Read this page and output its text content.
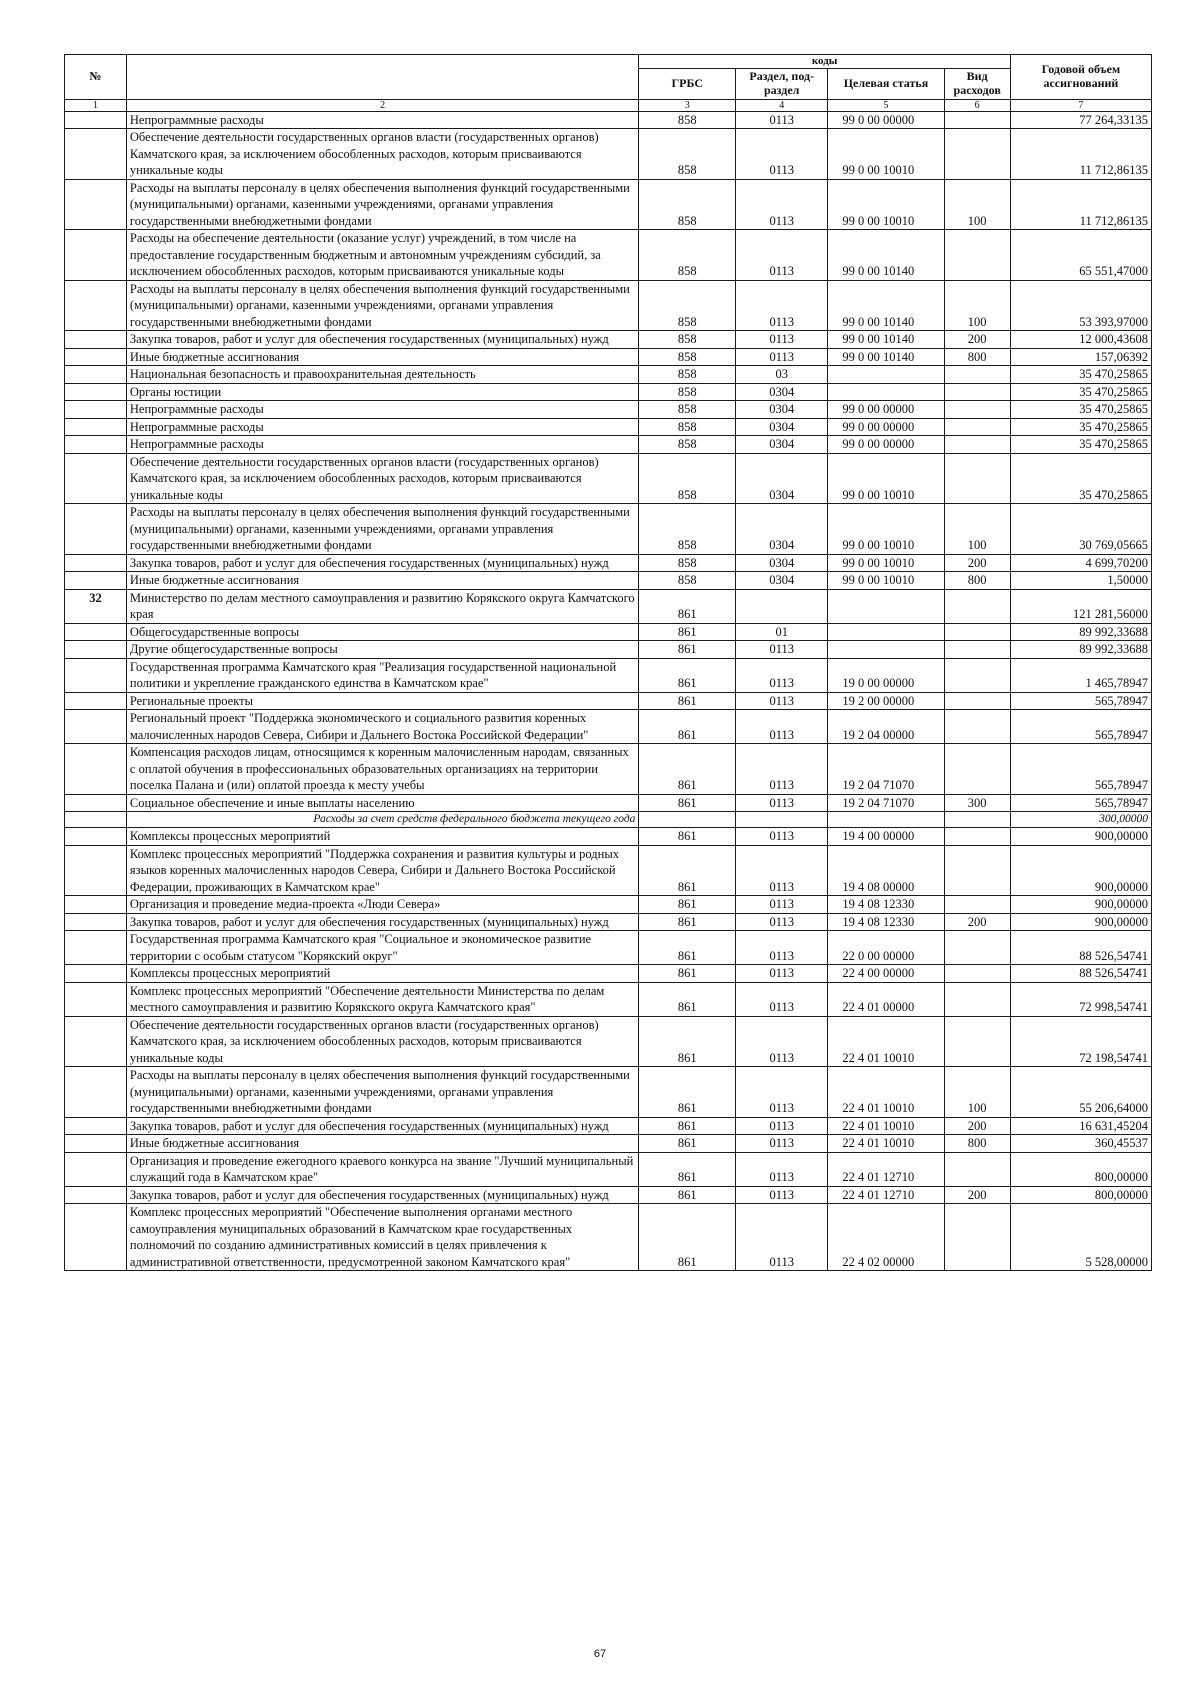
№		коды				Годовой объем ассигнований
		ГРБС	Раздел, под-раздел	Целевая статья	Вид расходов	
1	2	3	4	5	6	7
	Непрограммные расходы	858	0113	99 0 00 00000		77 264,33135
	Обеспечение деятельности государственных органов власти (государственных органов) Камчатского края, за исключением обособленных расходов, которым присваиваются уникальные коды	858	0113	99 0 00 10010		11 712,86135
	Расходы на выплаты персоналу в целях обеспечения выполнения функций государственными (муниципальными) органами, казенными учреждениями, органами управления государственными внебюджетными фондами	858	0113	99 0 00 10010	100	11 712,86135
	Расходы на обеспечение деятельности (оказание услуг) учреждений, в том числе на предоставление государственным бюджетным и автономным учреждениям субсидий, за исключением обособленных расходов, которым присваиваются уникальные коды	858	0113	99 0 00 10140		65 551,47000
	Расходы на выплаты персоналу в целях обеспечения выполнения функций государственными (муниципальными) органами, казенными учреждениями, органами управления государственными внебюджетными фондами	858	0113	99 0 00 10140	100	53 393,97000
	Закупка товаров, работ и услуг для обеспечения государственных (муниципальных) нужд	858	0113	99 0 00 10140	200	12 000,43608
	Иные бюджетные ассигнования	858	0113	99 0 00 10140	800	157,06392
	Национальная безопасность и правоохранительная деятельность	858	03			35 470,25865
	Органы юстиции	858	0304			35 470,25865
	Непрограммные расходы	858	0304	99 0 00 00000		35 470,25865
	Непрограммные расходы	858	0304	99 0 00 00000		35 470,25865
	Непрограммные расходы	858	0304	99 0 00 00000		35 470,25865
	Обеспечение деятельности государственных органов власти (государственных органов) Камчатского края, за исключением обособленных расходов, которым присваиваются уникальные коды	858	0304	99 0 00 10010		35 470,25865
	Расходы на выплаты персоналу в целях обеспечения выполнения функций государственными (муниципальными) органами, казенными учреждениями, органами управления государственными внебюджетными фондами	858	0304	99 0 00 10010	100	30 769,05665
	Закупка товаров, работ и услуг для обеспечения государственных (муниципальных) нужд	858	0304	99 0 00 10010	200	4 699,70200
	Иные бюджетные ассигнования	858	0304	99 0 00 10010	800	1,50000
32	Министерство по делам местного самоуправления и развитию Корякского округа Камчатского края	861				121 281,56000
	Общегосударственные вопросы	861	01			89 992,33688
	Другие общегосударственные вопросы	861	0113			89 992,33688
	Государственная программа Камчатского края "Реализация государственной национальной политики и укрепление гражданского единства в Камчатском крае"	861	0113	19 0 00 00000		1 465,78947
	Региональные проекты	861	0113	19 2 00 00000		565,78947
	Региональный проект "Поддержка экономического и социального развития коренных малочисленных народов Севера, Сибири и Дальнего Востока Российской Федерации"	861	0113	19 2 04 00000		565,78947
	Компенсация расходов лицам, относящимся к коренным малочисленным народам, связанных с оплатой обучения в профессиональных образовательных организациях на территории поселка Палана и (или) оплатой проезда к месту учебы	861	0113	19 2 04 71070		565,78947
	Социальное обеспечение и иные выплаты населению	861	0113	19 2 04 71070	300	565,78947
	Расходы за счет средств федерального бюджета текущего года					300,00000
	Комплексы процессных мероприятий	861	0113	19 4 00 00000		900,00000
	Комплекс процессных мероприятий "Поддержка сохранения и развития культуры и родных языков коренных малочисленных народов Севера, Сибири и Дальнего Востока Российской Федерации, проживающих в Камчатском крае"	861	0113	19 4 08 00000		900,00000
	Организация и проведение медиа-проекта «Люди Севера»	861	0113	19 4 08 12330		900,00000
	Закупка товаров, работ и услуг для обеспечения государственных (муниципальных) нужд	861	0113	19 4 08 12330	200	900,00000
	Государственная программа Камчатского края "Социальное и экономическое развитие территории с особым статусом "Корякский округ"	861	0113	22 0 00 00000		88 526,54741
	Комплексы процессных мероприятий	861	0113	22 4 00 00000		88 526,54741
	Комплекс процессных мероприятий "Обеспечение деятельности Министерства по делам местного самоуправления и развитию Корякского округа Камчатского края"	861	0113	22 4 01 00000		72 998,54741
	Обеспечение деятельности государственных органов власти (государственных органов) Камчатского края, за исключением обособленных расходов, которым присваиваются уникальные коды	861	0113	22 4 01 10010		72 198,54741
	Расходы на выплаты персоналу в целях обеспечения выполнения функций государственными (муниципальными) органами, казенными учреждениями, органами управления государственными внебюджетными фондами	861	0113	22 4 01 10010	100	55 206,64000
	Закупка товаров, работ и услуг для обеспечения государственных (муниципальных) нужд	861	0113	22 4 01 10010	200	16 631,45204
	Иные бюджетные ассигнования	861	0113	22 4 01 10010	800	360,45537
	Организация и проведение ежегодного краевого конкурса на звание "Лучший муниципальный служащий года в Камчатском крае"	861	0113	22 4 01 12710		800,00000
	Закупка товаров, работ и услуг для обеспечения государственных (муниципальных) нужд	861	0113	22 4 01 12710	200	800,00000
	Комплекс процессных мероприятий "Обеспечение выполнения органами местного самоуправления муниципальных образований в Камчатском крае государственных полномочий по созданию административных комиссий в целях привлечения к административной ответственности, предусмотренной законом Камчатского края"	861	0113	22 4 02 00000		5 528,00000
67
